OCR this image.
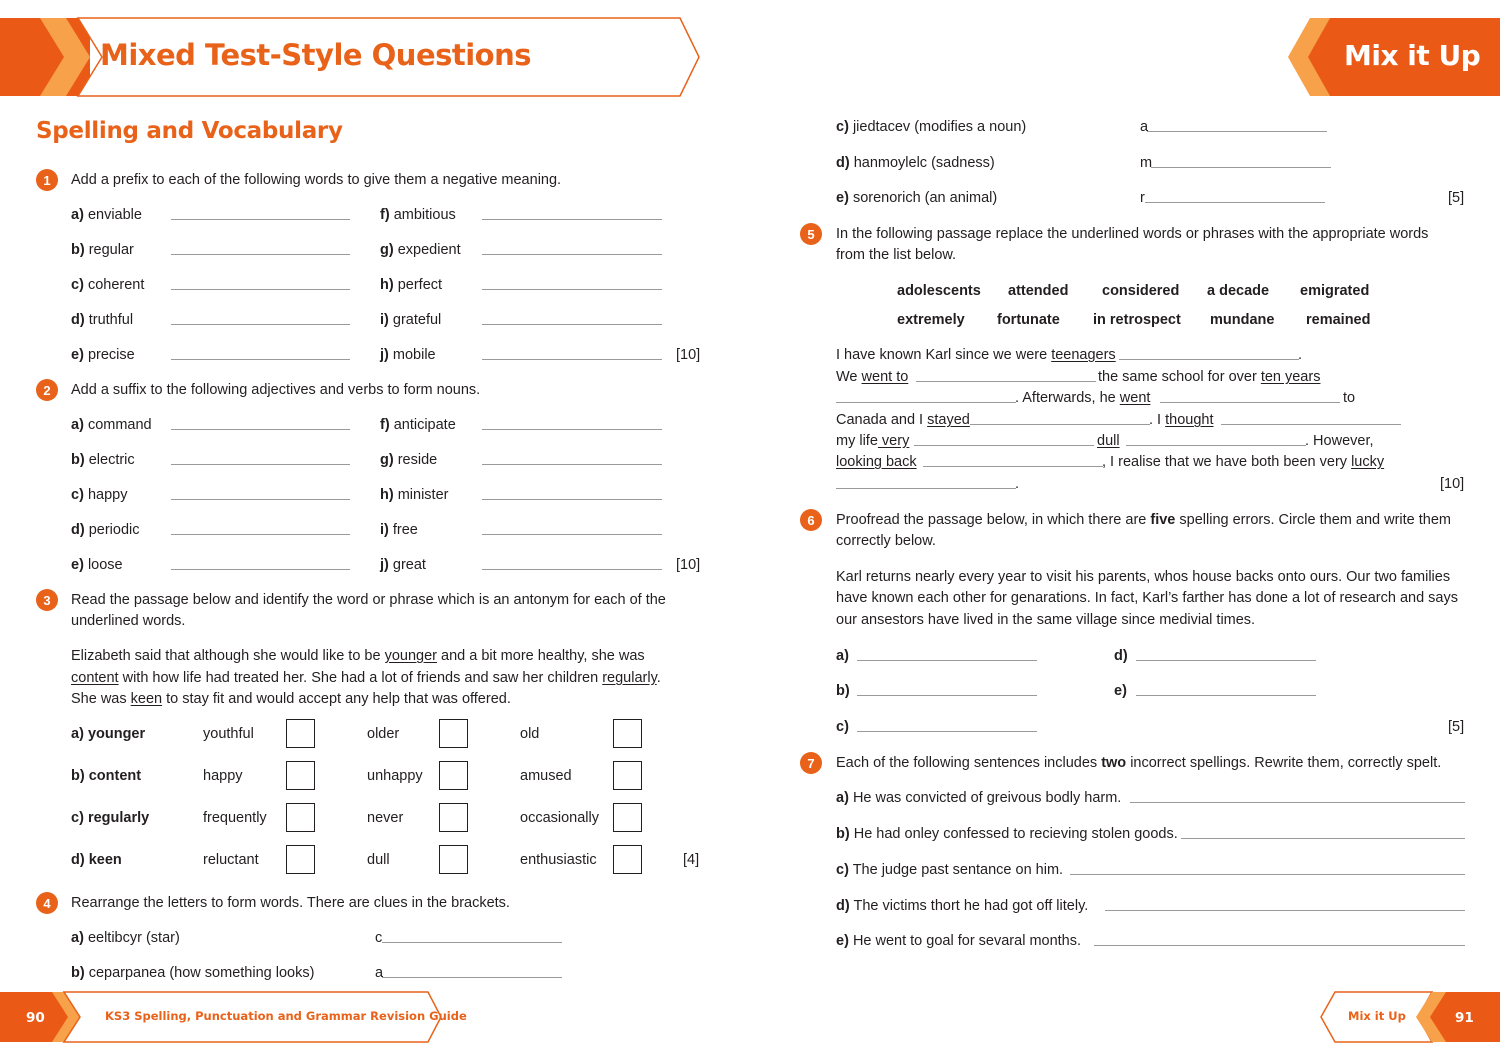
Mixed Test-Style Questions	Mix it Up
Spelling and Vocabulary
1	Add a prefix to each of the following words to give them a negative meaning.
a) enviable
b) regular
c) coherent
d) truthful
e) precise
f) ambitious
g) expedient
h) perfect
i) grateful
j) mobile	[10]
2	Add a suffix to the following adjectives and verbs to form nouns.
a) command
b) electric
c) happy
d) periodic
e) loose
f) anticipate
g) reside
h) minister
i) free
j) great	[10]
3	Read the passage below and identify the word or phrase which is an antonym for each of the
underlined words.
Elizabeth said that although she would like to be younger and a bit more healthy, she was
content with how life had treated her. She had a lot of friends and saw her children regularly.
She was keen to stay fit and would accept any help that was offered.
a) younger	youthful	older	old
b) content	happy	unhappy	amused
c) regularly	frequently	never	occasionally
d) keen	reluctant	dull	enthusiastic	[4]
4	Rearrange the letters to form words. There are clues in the brackets.
a) eeltibcyr (star)	c
b) ceparpanea (how something looks)	a
c) jiedtacev (modifies a noun)	a
d) hanmoylelc (sadness)	m
e) sorenorich (an animal)	r	[5]
5	In the following passage replace the underlined words or phrases with the appropriate words
from the list below.
adolescents attended considered a decade emigrated
extremely fortunate in retrospect mundane remained
I have known Karl since we were teenagers	.
We went to	the same school for over ten years
. Afterwards, he went	to
Canada and I stayed	. I thought
my life very	dull	. However,
looking back	, I realise that we have both been very lucky
.	[10]
6	Proofread the passage below, in which there are five spelling errors. Circle them and write them
correctly below.
Karl returns nearly every year to visit his parents, whos house backs onto ours. Our two families
have known each other for genarations. In fact, Karl’s farther has done a lot of research and says
our ansestors have lived in the same village since medivial times.
a)	d)
b)	e)
c)	[5]
7	Each of the following sentences includes two incorrect spellings. Rewrite them, correctly spelt.
a) He was convicted of greivous bodly harm.
b) He had onley confessed to recieving stolen goods.
c) The judge past sentance on him.
d) The victims thort he had got off litely.
e) He went to goal for sevaral months.
90	KS3 Spelling, Punctuation and Grammar Revision Guide	Mix it Up	91
